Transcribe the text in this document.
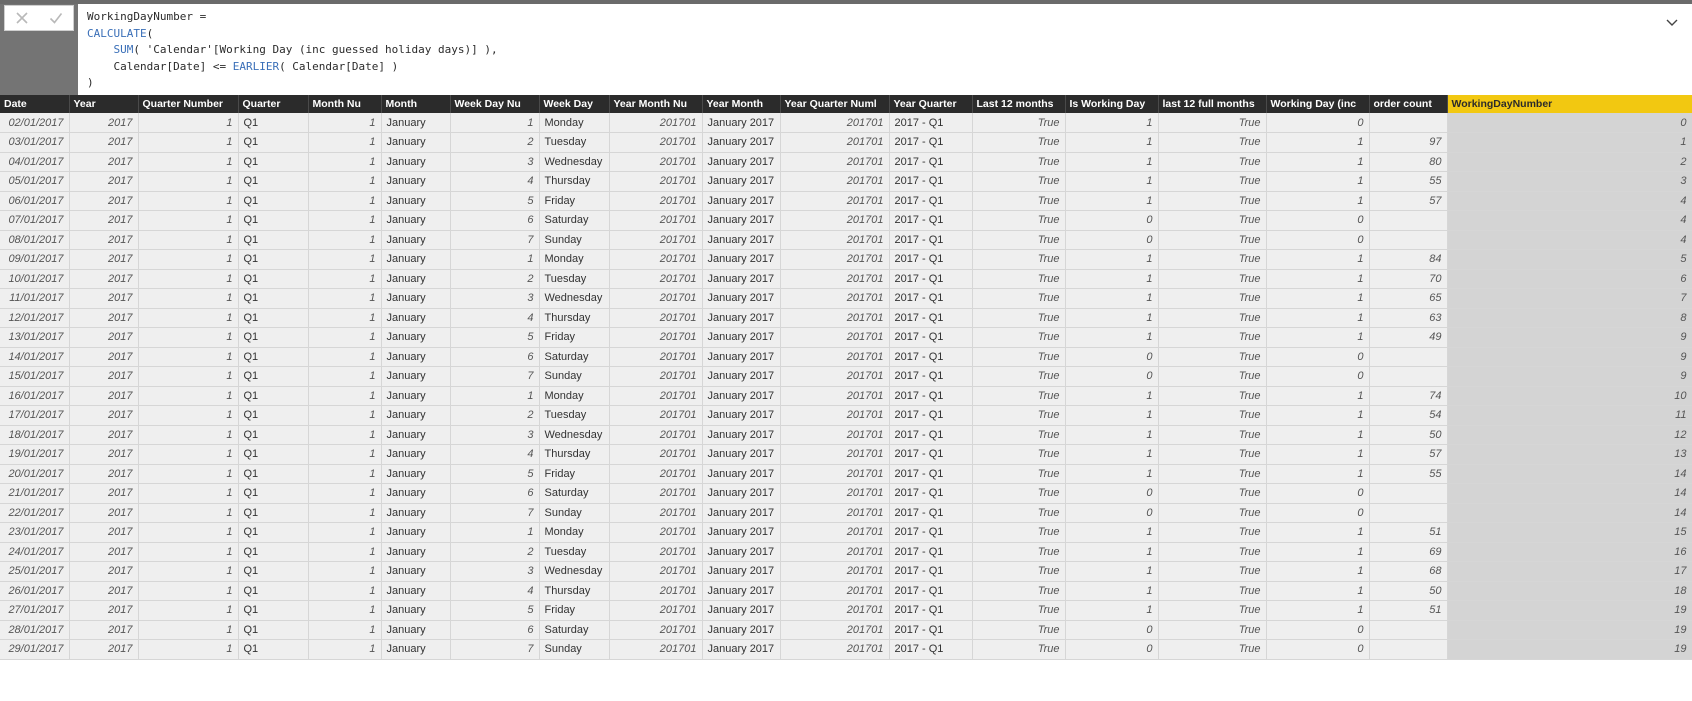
WorkingDayNumber =
CALCULATE(
SUM( 'Calendar'[Working Day (inc guessed holiday days)] ),
Calendar[Date] <= EARLIER( Calendar[Date] )
)
Date	Year	Quarter Number	Quarter	Month Nu	Month	Week Day Nu	Week Day	Year Month Nu	Year Month	Year Quarter Numl	Year Quarter	Last 12 months	Is Working Day	last 12 full months	Working Day (inc	order count	WorkingDayNumber
02/01/2017	2017	1	Q1	1	January	1	Monday	201701	January 2017	201701	2017 - Q1	True	1	True	0		0
03/01/2017	2017	1	Q1	1	January	2	Tuesday	201701	January 2017	201701	2017 - Q1	True	1	True	1	97	1
04/01/2017	2017	1	Q1	1	January	3	Wednesday	201701	January 2017	201701	2017 - Q1	True	1	True	1	80	2
05/01/2017	2017	1	Q1	1	January	4	Thursday	201701	January 2017	201701	2017 - Q1	True	1	True	1	55	3
06/01/2017	2017	1	Q1	1	January	5	Friday	201701	January 2017	201701	2017 - Q1	True	1	True	1	57	4
07/01/2017	2017	1	Q1	1	January	6	Saturday	201701	January 2017	201701	2017 - Q1	True	0	True	0		4
08/01/2017	2017	1	Q1	1	January	7	Sunday	201701	January 2017	201701	2017 - Q1	True	0	True	0		4
09/01/2017	2017	1	Q1	1	January	1	Monday	201701	January 2017	201701	2017 - Q1	True	1	True	1	84	5
10/01/2017	2017	1	Q1	1	January	2	Tuesday	201701	January 2017	201701	2017 - Q1	True	1	True	1	70	6
11/01/2017	2017	1	Q1	1	January	3	Wednesday	201701	January 2017	201701	2017 - Q1	True	1	True	1	65	7
12/01/2017	2017	1	Q1	1	January	4	Thursday	201701	January 2017	201701	2017 - Q1	True	1	True	1	63	8
13/01/2017	2017	1	Q1	1	January	5	Friday	201701	January 2017	201701	2017 - Q1	True	1	True	1	49	9
14/01/2017	2017	1	Q1	1	January	6	Saturday	201701	January 2017	201701	2017 - Q1	True	0	True	0		9
15/01/2017	2017	1	Q1	1	January	7	Sunday	201701	January 2017	201701	2017 - Q1	True	0	True	0		9
16/01/2017	2017	1	Q1	1	January	1	Monday	201701	January 2017	201701	2017 - Q1	True	1	True	1	74	10
17/01/2017	2017	1	Q1	1	January	2	Tuesday	201701	January 2017	201701	2017 - Q1	True	1	True	1	54	11
18/01/2017	2017	1	Q1	1	January	3	Wednesday	201701	January 2017	201701	2017 - Q1	True	1	True	1	50	12
19/01/2017	2017	1	Q1	1	January	4	Thursday	201701	January 2017	201701	2017 - Q1	True	1	True	1	57	13
20/01/2017	2017	1	Q1	1	January	5	Friday	201701	January 2017	201701	2017 - Q1	True	1	True	1	55	14
21/01/2017	2017	1	Q1	1	January	6	Saturday	201701	January 2017	201701	2017 - Q1	True	0	True	0		14
22/01/2017	2017	1	Q1	1	January	7	Sunday	201701	January 2017	201701	2017 - Q1	True	0	True	0		14
23/01/2017	2017	1	Q1	1	January	1	Monday	201701	January 2017	201701	2017 - Q1	True	1	True	1	51	15
24/01/2017	2017	1	Q1	1	January	2	Tuesday	201701	January 2017	201701	2017 - Q1	True	1	True	1	69	16
25/01/2017	2017	1	Q1	1	January	3	Wednesday	201701	January 2017	201701	2017 - Q1	True	1	True	1	68	17
26/01/2017	2017	1	Q1	1	January	4	Thursday	201701	January 2017	201701	2017 - Q1	True	1	True	1	50	18
27/01/2017	2017	1	Q1	1	January	5	Friday	201701	January 2017	201701	2017 - Q1	True	1	True	1	51	19
28/01/2017	2017	1	Q1	1	January	6	Saturday	201701	January 2017	201701	2017 - Q1	True	0	True	0		19
29/01/2017	2017	1	Q1	1	January	7	Sunday	201701	January 2017	201701	2017 - Q1	True	0	True	0		19
